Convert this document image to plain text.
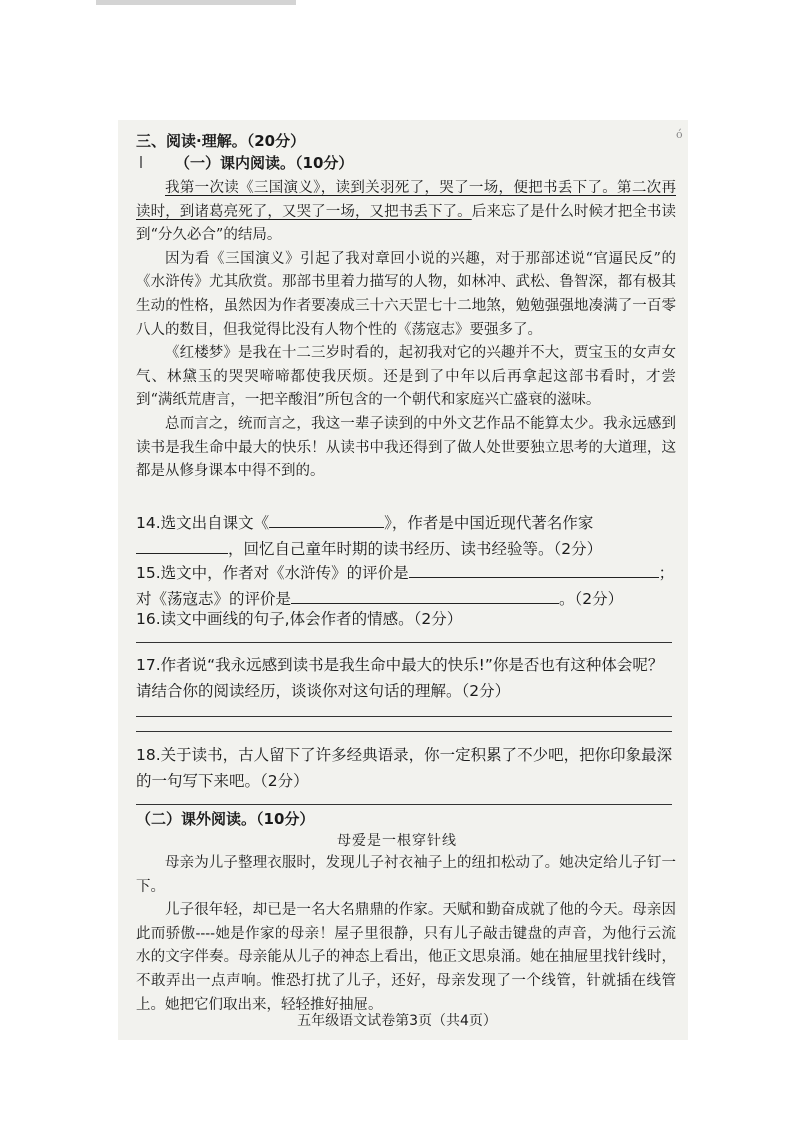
ó
三、阅读·理解。（20分）
（一）课内阅读。（10分）

我第一次读《三国演义》，读到关羽死了，哭了一场，便把书丢下了。第二次再读时，到诸葛亮死了，又哭了一场，又把书丢下了。后来忘了是什么时候才把全书读到“分久必合”的结局。

因为看《三国演义》引起了我对章回小说的兴趣，对于那部述说“官逼民反”的《水浒传》尤其欣赏。那部书里着力描写的人物，如林冲、武松、鲁智深，都有极其生动的性格，虽然因为作者要凑成三十六天罡七十二地煞，勉勉强强地凑满了一百零八人的数目，但我觉得比没有人物个性的《荡寇志》要强多了。

《红楼梦》是我在十二三岁时看的，起初我对它的兴趣并不大，贾宝玉的女声女气、林黛玉的哭哭啼啼都使我厌烦。还是到了中年以后再拿起这部书看时，才尝到“满纸荒唐言，一把辛酸泪”所包含的一个朝代和家庭兴亡盛衰的滋味。

总而言之，统而言之，我这一辈子读到的中外文艺作品不能算太少。我永远感到读书是我生命中最大的快乐！从读书中我还得到了做人处世要独立思考的大道理，这都是从修身课本中得不到的。

14.选文出自课文《	》，作者是中国近现代著名作家
，回忆自己童年时期的读书经历、读书经验等。（2分）
15.选文中，作者对《水浒传》的评价是	；
对《荡寇志》的评价是	。（2分）
16.读文中画线的句子,体会作者的情感。（2分）
17.作者说“我永远感到读书是我生命中最大的快乐!”你是否也有这种体会呢？请结合你的阅读经历，谈谈你对这句话的理解。（2分）
18.关于读书，古人留下了许多经典语录，你一定积累了不少吧，把你印象最深的一句写下来吧。（2分）
（二）课外阅读。（10分）
母爱是一根穿针线

母亲为儿子整理衣服时，发现儿子衬衣袖子上的纽扣松动了。她决定给儿子钉一下。

儿子很年轻，却已是一名大名鼎鼎的作家。天赋和勤奋成就了他的今天。母亲因此而骄傲----她是作家的母亲！屋子里很静，只有儿子敲击键盘的声音，为他行云流水的文字伴奏。母亲能从儿子的神态上看出，他正文思泉涌。她在抽屉里找针线时，不敢弄出一点声响。惟恐打扰了儿子，还好，母亲发现了一个线管，针就插在线管上。她把它们取出来，轻轻推好抽屉。

五年级语文试卷第3页（共4页）
